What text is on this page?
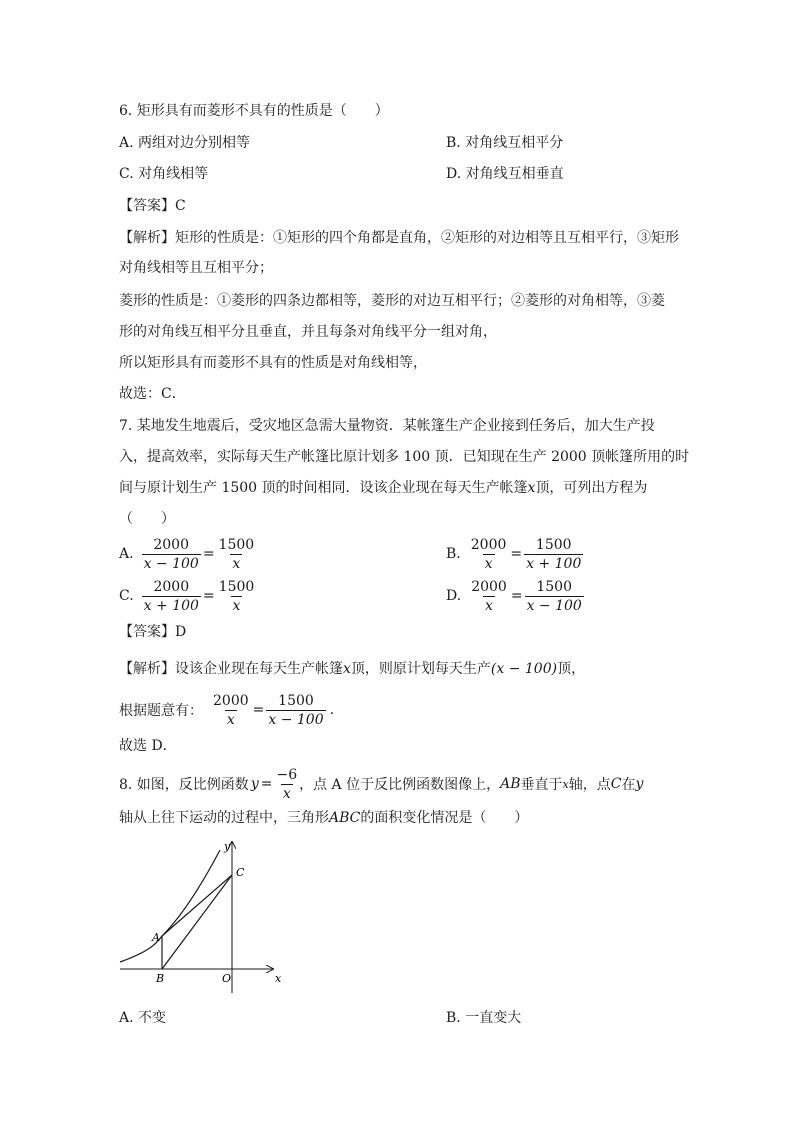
6. 矩形具有而菱形不具有的性质是（　　）
A. 两组对边分别相等	B. 对角线互相平分
C. 对角线相等	D. 对角线互相垂直
【答案】C
【解析】矩形的性质是：①矩形的四个角都是直角，②矩形的对边相等且互相平行，③矩形
对角线相等且互相平分；
菱形的性质是：①菱形的四条边都相等，菱形的对边互相平行；②菱形的对角相等，③菱
形的对角线互相平分且垂直，并且每条对角线平分一组对角，
所以矩形具有而菱形不具有的性质是对角线相等，
故选：C．
7. 某地发生地震后，受灾地区急需大量物资．某帐篷生产企业接到任务后，加大生产投
入，提高效率，实际每天生产帐篷比原计划多 100 顶．已知现在生产 2000 顶帐篷所用的时
间与原计划生产 1500 顶的时间相同．设该企业现在每天生产帐篷x顶，可列出方程为
（　　）
A. $\frac{2000}{x - 100} = \frac{1500}{x}$	B. $\frac{2000}{x} = \frac{1500}{x + 100}$
C. $\frac{2000}{x + 100} = \frac{1500}{x}$	D. $\frac{2000}{x} = \frac{1500}{x - 100}$
【答案】D
【解析】设该企业现在每天生产帐篷x顶，则原计划每天生产(x − 100)顶，
根据题意有： $\frac{2000}{x} = \frac{1500}{x - 100}$ .
故选 D．
8. 如图，反比例函数 $y = \frac{-6}{x}$ ，点 A 位于反比例函数图像上， AB 垂直于 x 轴，点 C 在 y
轴从上往下运动的过程中，三角形ABC的面积变化情况是（　　）
y
C
A
B	O	x
A. 不变	B. 一直变大
